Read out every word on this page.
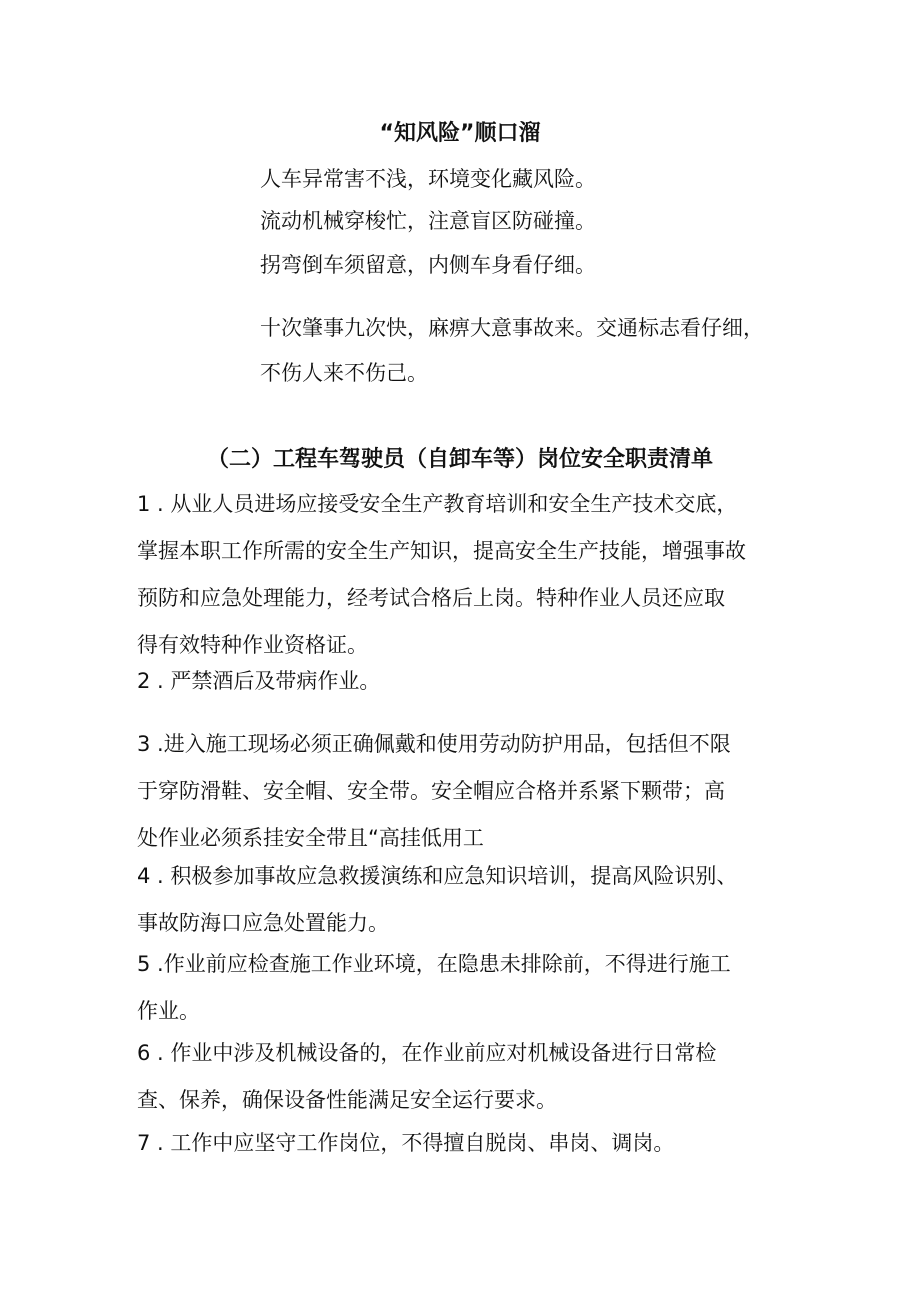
“知风险”顺口溜
人车异常害不浅，环境变化藏风险。
流动机械穿梭忙，注意盲区防碰撞。
拐弯倒车须留意，内侧车身看仔细。
十次肇事九次快，麻痹大意事故来。交通标志看仔细，
不伤人来不伤己。
（二）工程车驾驶员（自卸车等）岗位安全职责清单
1 . 从业人员进场应接受安全生产教育培训和安全生产技术交底，
掌握本职工作所需的安全生产知识，提高安全生产技能，增强事故
预防和应急处理能力，经考试合格后上岗。特种作业人员还应取
得有效特种作业资格证。
2 . 严禁酒后及带病作业。
3 .进入施工现场必须正确佩戴和使用劳动防护用品，包括但不限
于穿防滑鞋、安全帽、安全带。安全帽应合格并系紧下颗带；高
处作业必须系挂安全带且“高挂低用工
4 . 积极参加事故应急救援演练和应急知识培训，提高风险识别、
事故防海口应急处置能力。
5 .作业前应检查施工作业环境，在隐患未排除前，不得进行施工
作业。
6 . 作业中涉及机械设备的，在作业前应对机械设备进行日常检
查、保养，确保设备性能满足安全运行要求。
7 . 工作中应坚守工作岗位，不得擅自脱岗、串岗、调岗。
